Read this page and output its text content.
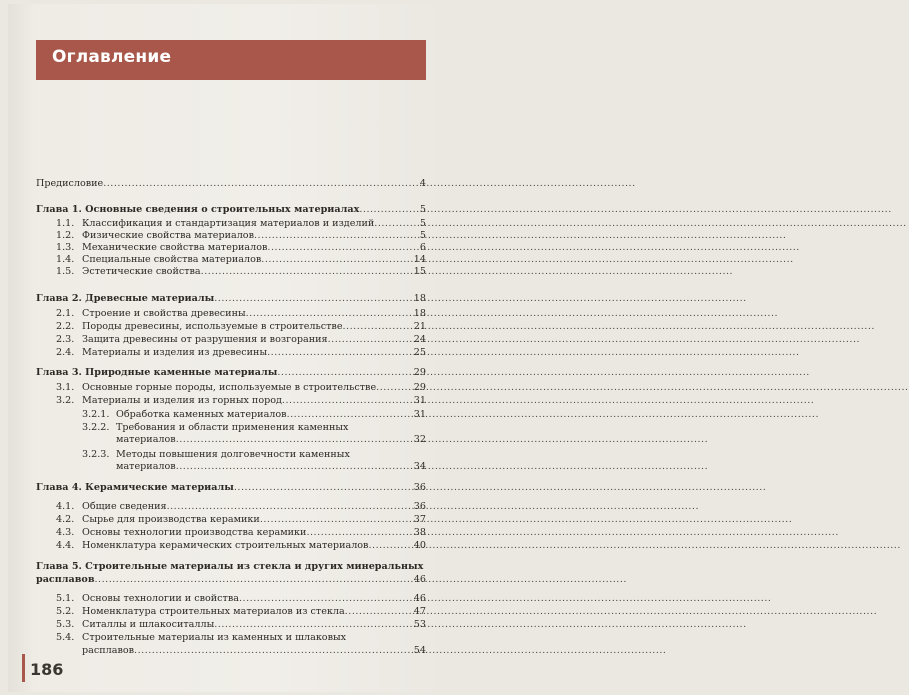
Оглавление
Предисловие .....	4
Глава 1. Основные сведения о строительных материалах .....	5
1.1. Классификация и стандартизация материалов и изделий .....	5
1.2. Физические свойства материалов .....	5
1.3. Механические свойства материалов .....	6
1.4. Специальные свойства материалов .....	14
1.5. Эстетические свойства .....	15
Глава 2. Древесные материалы .....	18
2.1. Строение и свойства древесины .....	18
2.2. Породы древесины, используемые в строительстве .....	21
2.3. Защита древесины от разрушения и возгорания .....	24
2.4. Материалы и изделия из древесины .....	25
Глава 3. Природные каменные материалы .....	29
3.1. Основные горные породы, используемые в строительстве .....	29
3.2. Материалы и изделия из горных пород .....	31
3.2.1. Обработка каменных материалов .....	31
3.2.2. Требования и области применения каменных
материалов .....	32
3.2.3. Методы повышения долговечности каменных
материалов .....	34
Глава 4. Керамические материалы .....	36
4.1. Общие сведения .....	36
4.2. Сырье для производства керамики .....	37
4.3. Основы технологии производства керамики .....	38
4.4. Номенклатура керамических строительных материалов .....	40
Глава 5. Строительные материалы из стекла и других минеральных
расплавов .....	46
5.1. Основы технологии и свойства .....	46
5.2. Номенклатура строительных материалов из стекла .....	47
5.3. Ситаллы и шлакоситаллы .....	53
5.4. Строительные материалы из каменных и шлаковых
расплавов .....	54
186
